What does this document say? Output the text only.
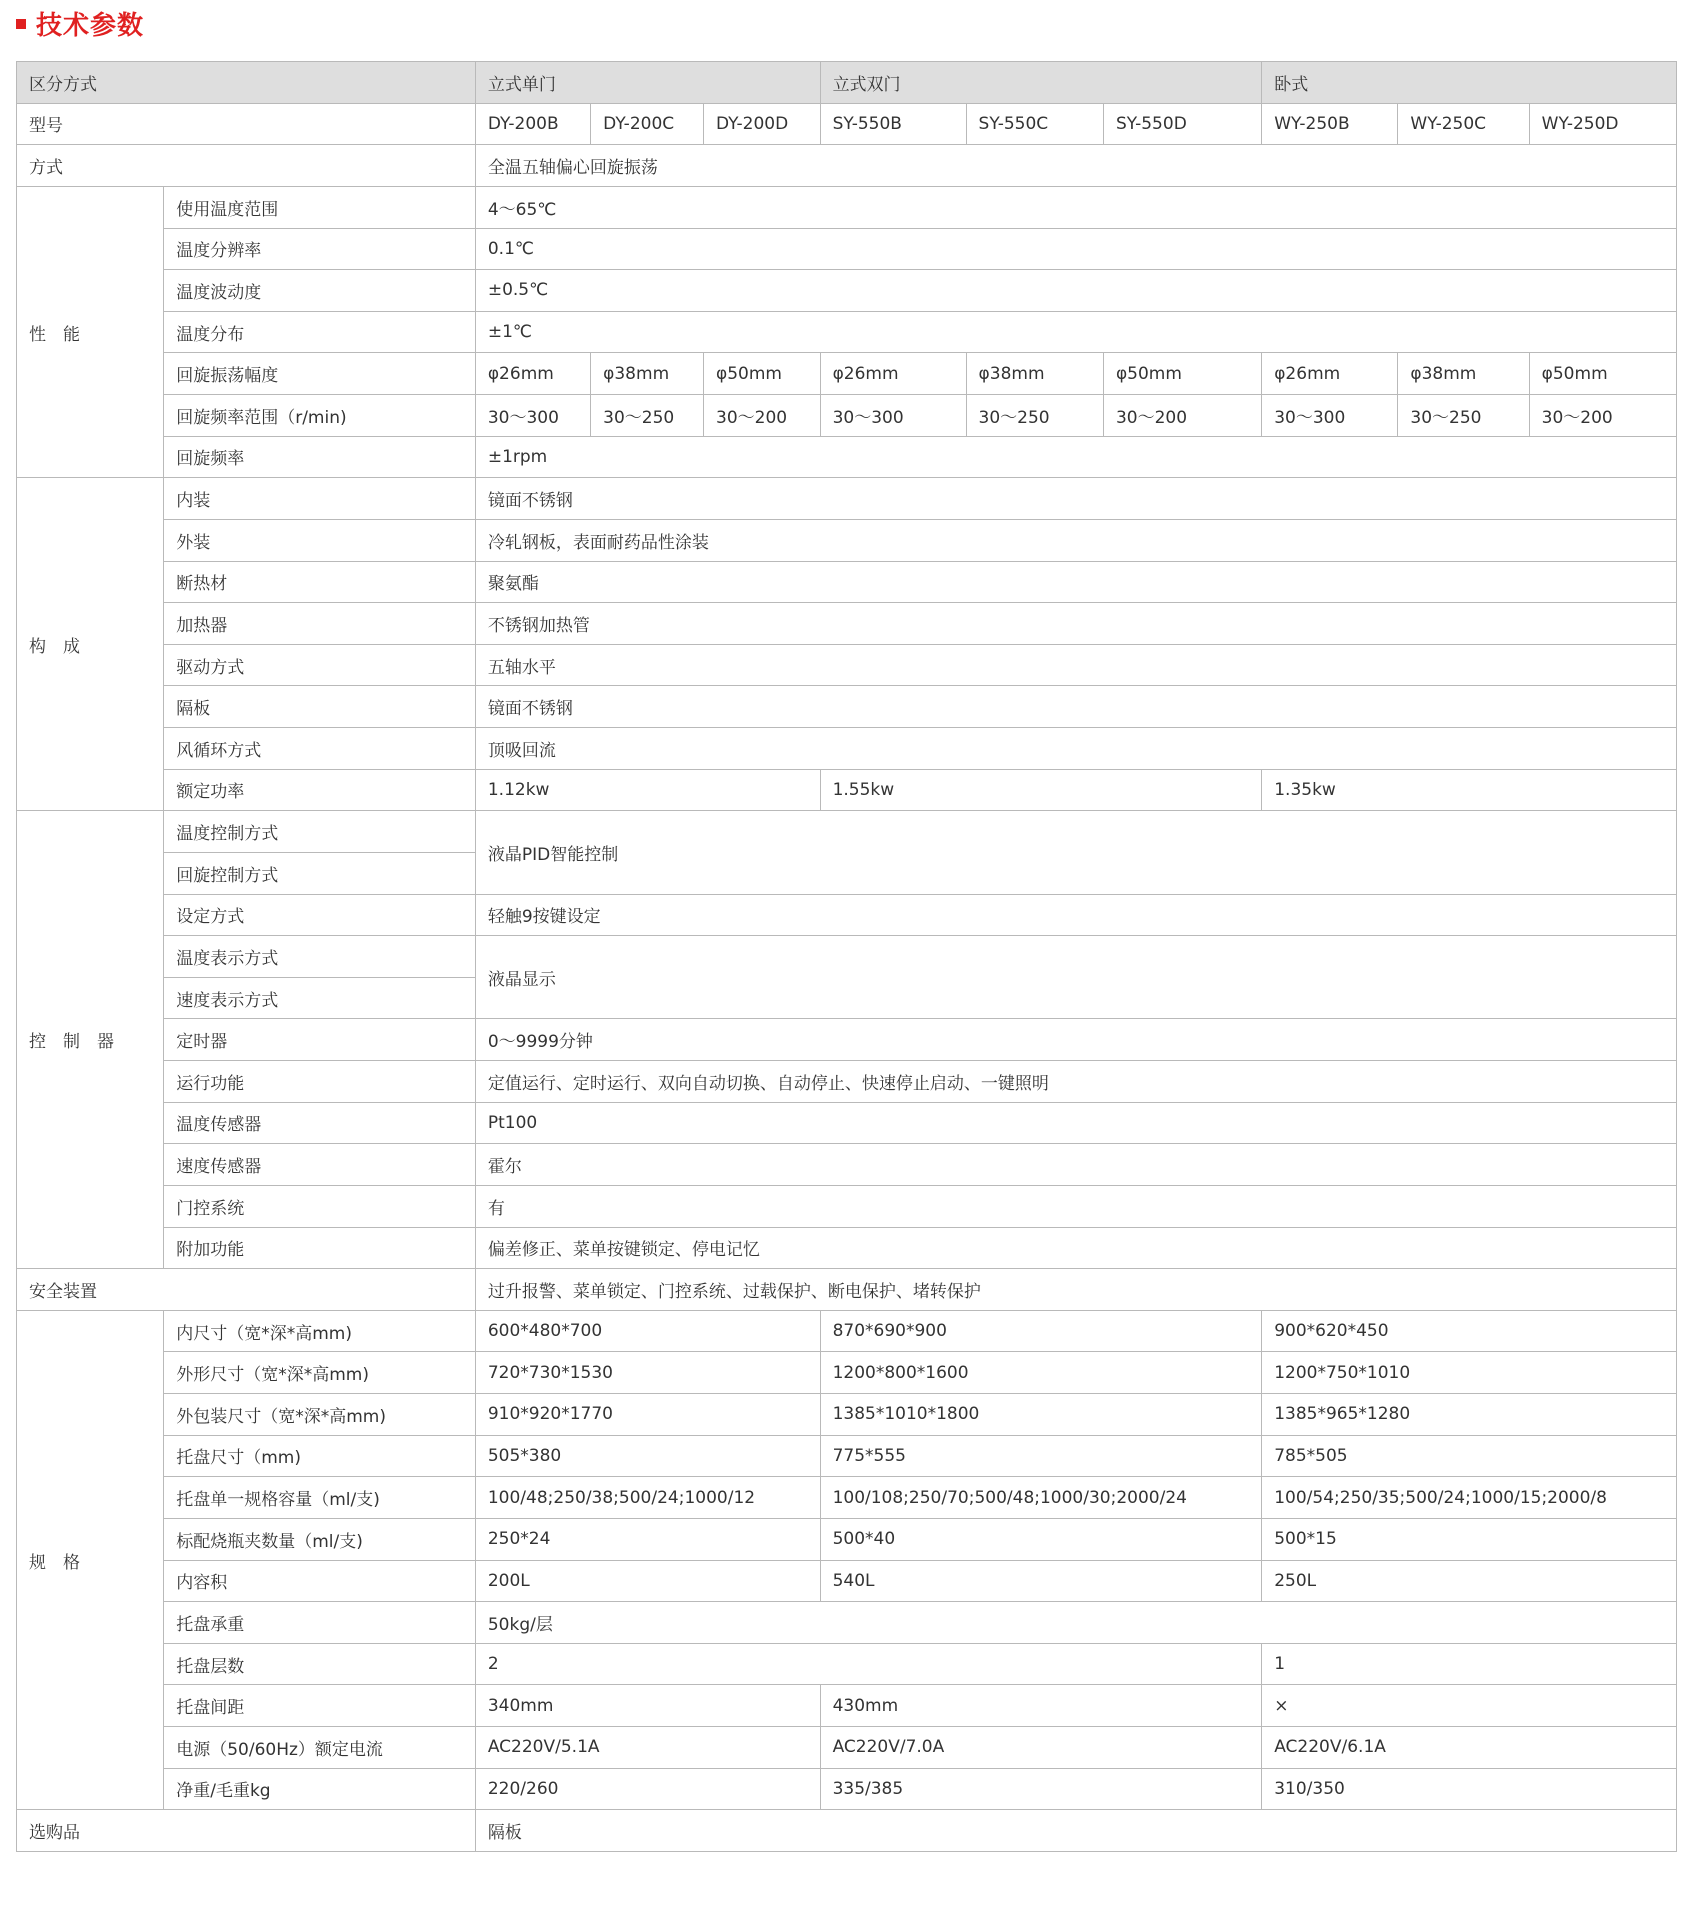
技术参数
区分方式		立式单门			立式双门			卧式		
型号		DY-200B	DY-200C	DY-200D	SY-550B	SY-550C	SY-550D	WY-250B	WY-250C	WY-250D
方式		全温五轴偏心回旋振荡								
性　能	使用温度范围	4～65℃								
	温度分辨率	0.1℃								
	温度波动度	±0.5℃								
	温度分布	±1℃								
	回旋振荡幅度	φ26mm	φ38mm	φ50mm	φ26mm	φ38mm	φ50mm	φ26mm	φ38mm	φ50mm
	回旋频率范围（r/min)	30～300	30～250	30～200	30～300	30～250	30～200	30～300	30～250	30～200
	回旋频率	±1rpm								
构　成	内装	镜面不锈钢								
	外装	冷轧钢板，表面耐药品性涂装								
	断热材	聚氨酯								
	加热器	不锈钢加热管								
	驱动方式	五轴水平								
	隔板	镜面不锈钢								
	风循环方式	顶吸回流								
	额定功率	1.12kw			1.55kw			1.35kw		
控　制　器	温度控制方式	液晶PID智能控制								
	回旋控制方式									
	设定方式	轻触9按键设定								
	温度表示方式	液晶显示								
	速度表示方式									
	定时器	0～9999分钟								
	运行功能	定值运行、定时运行、双向自动切换、自动停止、快速停止启动、一键照明								
	温度传感器	Pt100								
	速度传感器	霍尔								
	门控系统	有								
	附加功能	偏差修正、菜单按键锁定、停电记忆								
安全装置		过升报警、菜单锁定、门控系统、过载保护、断电保护、堵转保护								
规　格	内尺寸（宽*深*高mm)	600*480*700			870*690*900			900*620*450		
	外形尺寸（宽*深*高mm)	720*730*1530			1200*800*1600			1200*750*1010		
	外包装尺寸（宽*深*高mm)	910*920*1770			1385*1010*1800			1385*965*1280		
	托盘尺寸（mm)	505*380			775*555			785*505		
	托盘单一规格容量（ml/支)	100/48;250/38;500/24;1000/12			100/108;250/70;500/48;1000/30;2000/24			100/54;250/35;500/24;1000/15;2000/8		
	标配烧瓶夹数量（ml/支)	250*24			500*40			500*15		
	内容积	200L			540L			250L		
	托盘承重	50kg/层								
	托盘层数	2						1		
	托盘间距	340mm			430mm			×		
	电源（50/60Hz）额定电流	AC220V/5.1A			AC220V/7.0A			AC220V/6.1A		
	净重/毛重kg	220/260			335/385			310/350		
选购品		隔板								
